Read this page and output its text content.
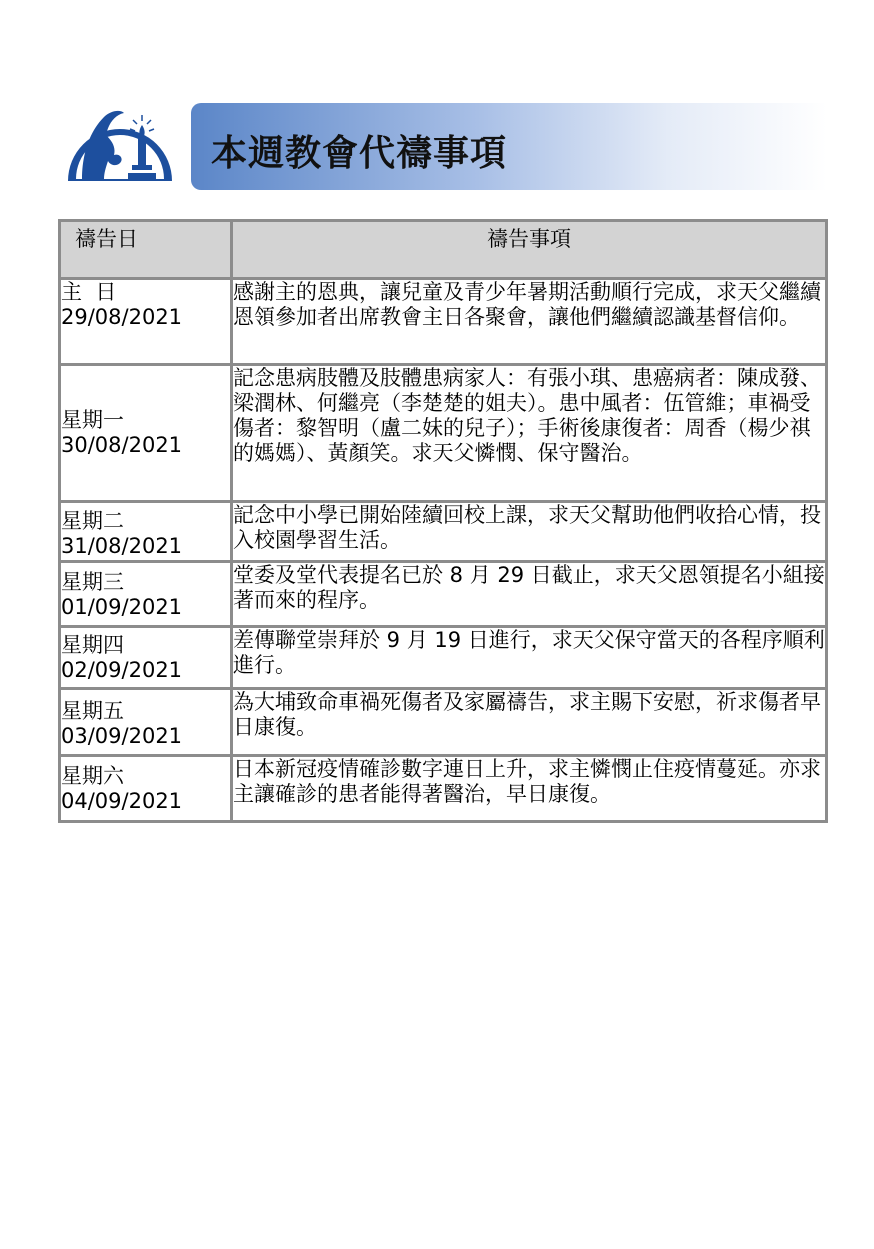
本週教會代禱事項
禱告日	禱告事項

主  日
29/08/2021	感謝主的恩典，讓兒童及青少年暑期活動順行完成，求天父繼續恩領參加者出席教會主日各聚會，讓他們繼續認識基督信仰。

星期一
30/08/2021	記念患病肢體及肢體患病家人：有張小琪、患癌病者：陳成發、梁潤林、何繼亮（李楚楚的姐夫）。患中風者：伍管維；車禍受傷者：黎智明（盧二妹的兒子）；手術後康復者：周香（楊少祺的媽媽）、黃顏笑。求天父憐憫、保守醫治。

星期二
31/08/2021	記念中小學已開始陸續回校上課，求天父幫助他們收拾心情，投入校園學習生活。

星期三
01/09/2021	堂委及堂代表提名已於 8 月 29 日截止，求天父恩領提名小組接著而來的程序。

星期四
02/09/2021	差傳聯堂崇拜於 9 月 19 日進行，求天父保守當天的各程序順利進行。

星期五
03/09/2021	為大埔致命車禍死傷者及家屬禱告，求主賜下安慰，祈求傷者早日康復。

星期六
04/09/2021	日本新冠疫情確診數字連日上升，求主憐憫止住疫情蔓延。亦求主讓確診的患者能得著醫治，早日康復。
